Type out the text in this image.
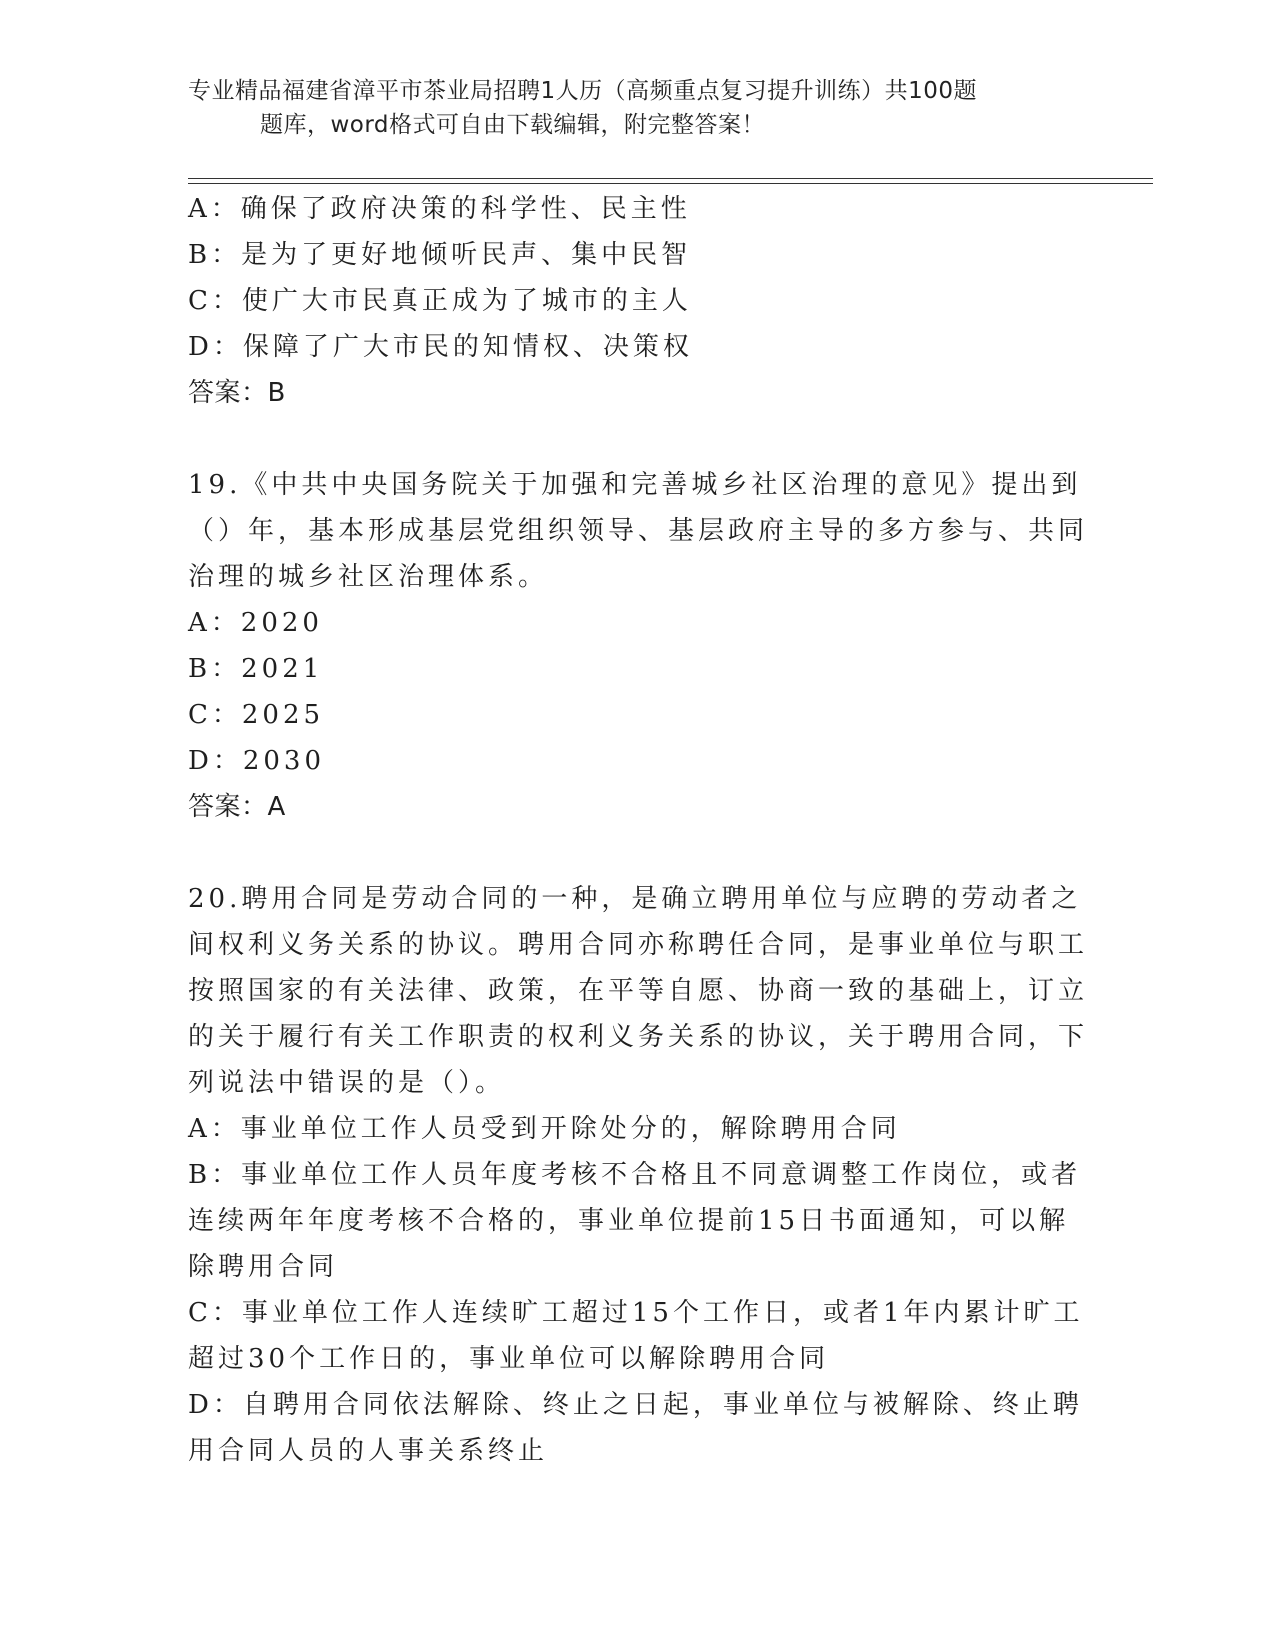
专业精品福建省漳平市茶业局招聘1人历（高频重点复习提升训练）共100题
题库，word格式可自由下载编辑，附完整答案！

A：确保了政府决策的科学性、民主性

B：是为了更好地倾听民声、集中民智

C：使广大市民真正成为了城市的主人

D：保障了广大市民的知情权、决策权

答案：B

19.《中共中央国务院关于加强和完善城乡社区治理的意见》提出到（）年，基本形成基层党组织领导、基层政府主导的多方参与、共同治理的城乡社区治理体系。

A：2020

B：2021

C：2025

D：2030

答案：A

20.聘用合同是劳动合同的一种，是确立聘用单位与应聘的劳动者之间权利义务关系的协议。聘用合同亦称聘任合同，是事业单位与职工按照国家的有关法律、政策，在平等自愿、协商一致的基础上，订立的关于履行有关工作职责的权利义务关系的协议，关于聘用合同，下列说法中错误的是（）。

A：事业单位工作人员受到开除处分的，解除聘用合同

B：事业单位工作人员年度考核不合格且不同意调整工作岗位，或者连续两年年度考核不合格的，事业单位提前15日书面通知，可以解除聘用合同

C：事业单位工作人连续旷工超过15个工作日，或者1年内累计旷工超过30个工作日的，事业单位可以解除聘用合同

D：自聘用合同依法解除、终止之日起，事业单位与被解除、终止聘用合同人员的人事关系终止
